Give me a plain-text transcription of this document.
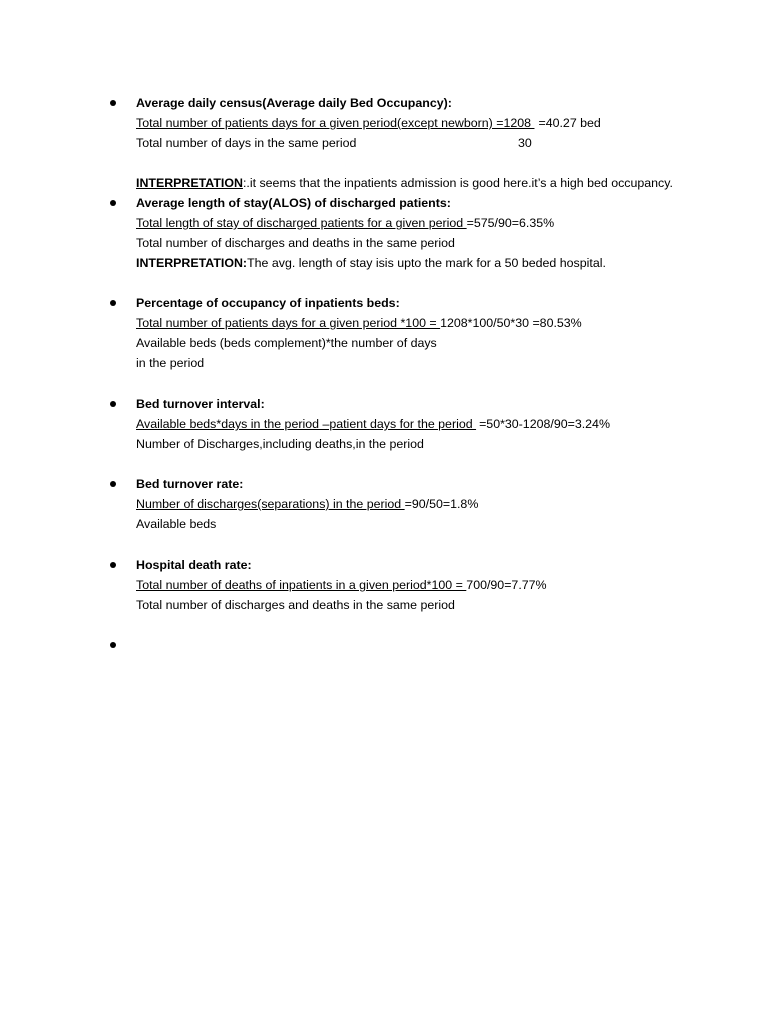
Average daily census(Average daily Bed Occupancy):
Total number of patients days for a given period(except newborn) =1208 =40.27 bed
Total number of days in the same period	30
INTERPRETATION:.it seems that the inpatients admission is good here.it’s a high bed occupancy.
Average length of stay(ALOS) of discharged patients:
Total length of stay of discharged patients for a given period =575/90=6.35%
Total number of discharges and deaths in the same period
INTERPRETATION:The avg. length of stay isis upto the mark for a 50 beded hospital.
Percentage of occupancy of inpatients beds:
Total number of patients days for a given period *100 = 1208*100/50*30 =80.53%
Available beds (beds complement)*the number of days
in the period
Bed turnover interval:
Available beds*days in the period –patient days for the period =50*30-1208/90=3.24%
Number of Discharges,including deaths,in the period
Bed turnover rate:
Number of discharges(separations) in the period =90/50=1.8%
Available beds
Hospital death rate:
Total number of deaths of inpatients in a given period*100 = 700/90=7.77%
Total number of discharges and deaths in the same period
